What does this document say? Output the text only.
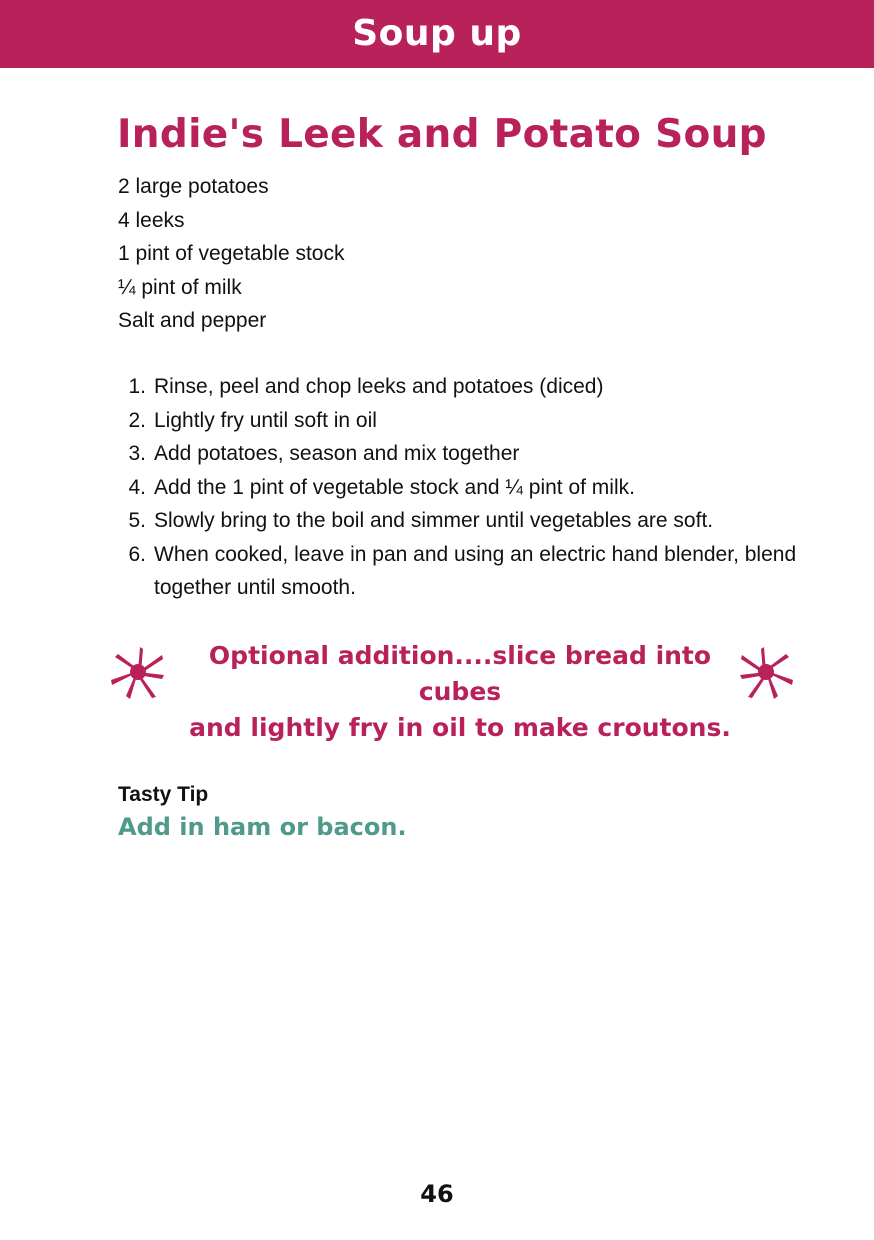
Soup up
Indie's Leek and Potato Soup
2 large potatoes
4 leeks
1 pint of vegetable stock
¼ pint of milk
Salt and pepper
1. Rinse, peel and chop leeks and potatoes (diced)
2. Lightly fry until soft in oil
3. Add potatoes, season and mix together
4. Add the 1 pint of vegetable stock and ¼ pint of milk.
5. Slowly bring to the boil and simmer until vegetables are soft.
6. When cooked, leave in pan and using an electric hand blender, blend together until smooth.
Optional addition....slice bread into cubes
and lightly fry in oil to make croutons.
Tasty Tip
Add in ham or bacon.
46
